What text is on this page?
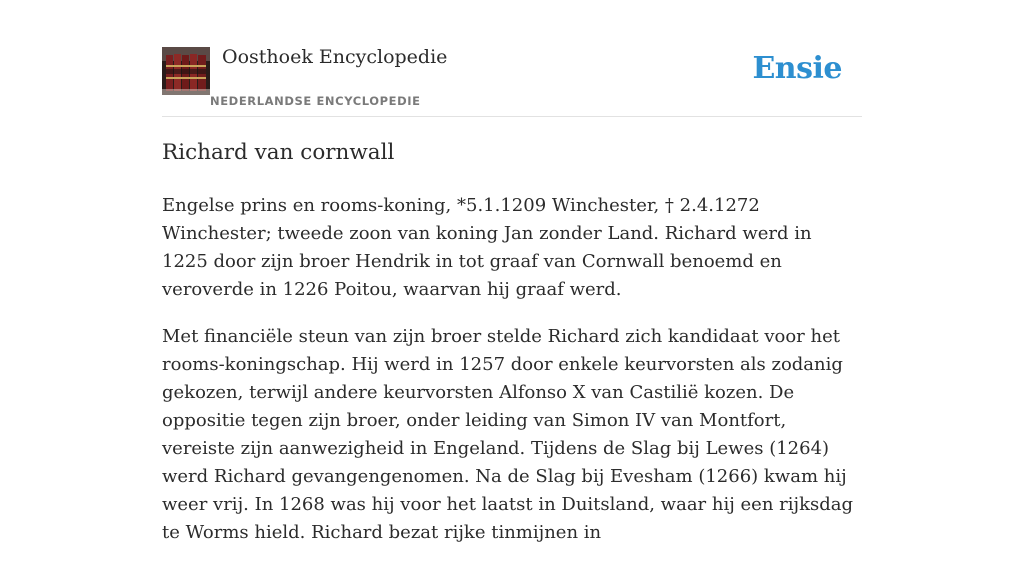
Oosthoek Encyclopedie
NEDERLANDSE ENCYCLOPEDIE
Ensie
Richard van cornwall

Engelse prins en rooms-koning, *5.1.1209 Winchester, † 2.4.1272 Winchester; tweede zoon van koning Jan zonder Land. Richard werd in 1225 door zijn broer Hendrik in tot graaf van Cornwall benoemd en veroverde in 1226 Poitou, waarvan hij graaf werd.

Met financiële steun van zijn broer stelde Richard zich kandidaat voor het rooms-koningschap. Hij werd in 1257 door enkele keurvorsten als zodanig gekozen, terwijl andere keurvorsten Alfonso X van Castilië kozen. De oppositie tegen zijn broer, onder leiding van Simon IV van Montfort, vereiste zijn aanwezigheid in Engeland. Tijdens de Slag bij Lewes (1264) werd Richard gevangengenomen. Na de Slag bij Evesham (1266) kwam hij weer vrij. In 1268 was hij voor het laatst in Duitsland, waar hij een rijksdag te Worms hield. Richard bezat rijke tinmijnen in
